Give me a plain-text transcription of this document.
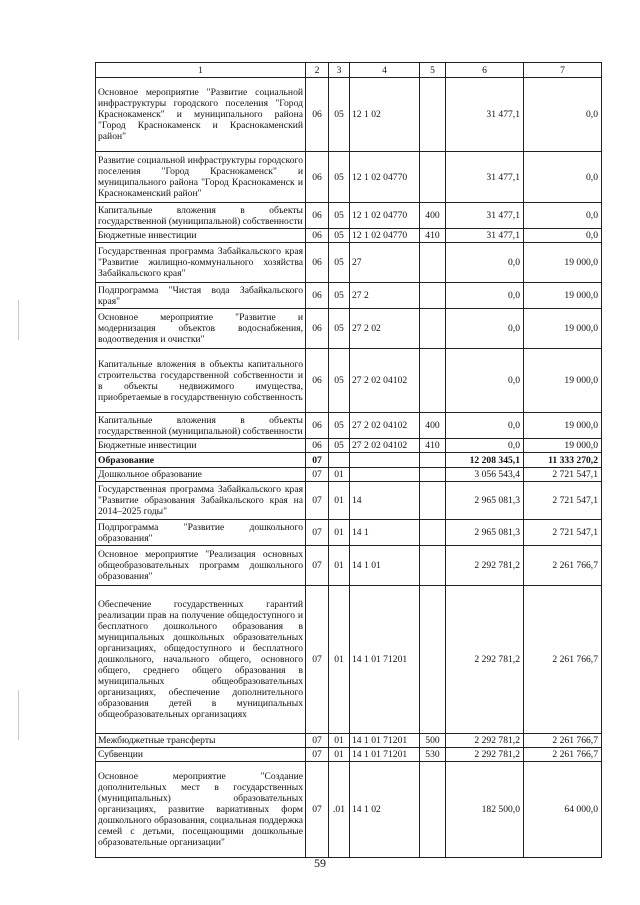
1	2	3	4	5	6	7
Основное мероприятие "Развитие социальной инфраструктуры городского поселения "Город Краснокаменск" и муниципального района "Город Краснокаменск и Краснокаменский район"	06	05	12 1 02		31 477,1	0,0
Развитие социальной инфраструктуры городского поселения "Город Краснокаменск" и муниципального района "Город Краснокаменск и Краснокаменский район"	06	05	12 1 02 04770		31 477,1	0,0
Капитальные вложения в объекты государственной (муниципальной) собственности	06	05	12 1 02 04770	400	31 477,1	0,0
Бюджетные инвестиции	06	05	12 1 02 04770	410	31 477,1	0,0
Государственная программа Забайкальского края "Развитие жилищно-коммунального хозяйства Забайкальского края"	06	05	27		0,0	19 000,0
Подпрограмма "Чистая вода Забайкальского края"	06	05	27 2		0,0	19 000,0
Основное мероприятие "Развитие и модернизация объектов водоснабжения, водоотведения и очистки"	06	05	27 2 02		0,0	19 000,0
Капитальные вложения в объекты капитального строительства государственной собственности и в объекты недвижимого имущества, приобретаемые в государственную собственность	06	05	27 2 02 04102		0,0	19 000,0
Капитальные вложения в объекты государственной (муниципальной) собственности	06	05	27 2 02 04102	400	0,0	19 000,0
Бюджетные инвестиции	06	05	27 2 02 04102	410	0,0	19 000,0
Образование	07				12 208 345,1	11 333 270,2
Дошкольное образование	07	01			3 056 543,4	2 721 547,1
Государственная программа Забайкальского края "Развитие образования Забайкальского края на 2014–2025 годы"	07	01	14		2 965 081,3	2 721 547,1
Подпрограмма "Развитие дошкольного образования"	07	01	14 1		2 965 081,3	2 721 547,1
Основное мероприятие "Реализация основных общеобразовательных программ дошкольного образования"	07	01	14 1 01		2 292 781,2	2 261 766,7
Обеспечение государственных гарантий реализации прав на получение общедоступного и бесплатного дошкольного образования в муниципальных дошкольных образовательных организациях, общедоступного и бесплатного дошкольного, начального общего, основного общего, среднего общего образования в муниципальных общеобразовательных организациях, обеспечение дополнительного образования детей в муниципальных общеобразовательных организациях	07	01	14 1 01 71201		2 292 781,2	2 261 766,7
Межбюджетные трансферты	07	01	14 1 01 71201	500	2 292 781,2	2 261 766,7
Субвенции	07	01	14 1 01 71201	530	2 292 781,2	2 261 766,7
Основное мероприятие "Создание дополнительных мест в государственных (муниципальных) образовательных организациях, развитие вариативных форм дошкольного образования, социальная поддержка семей с детьми, посещающими дошкольные образовательные организации"	07	.01	14 1 02		182 500,0	64 000,0
59
